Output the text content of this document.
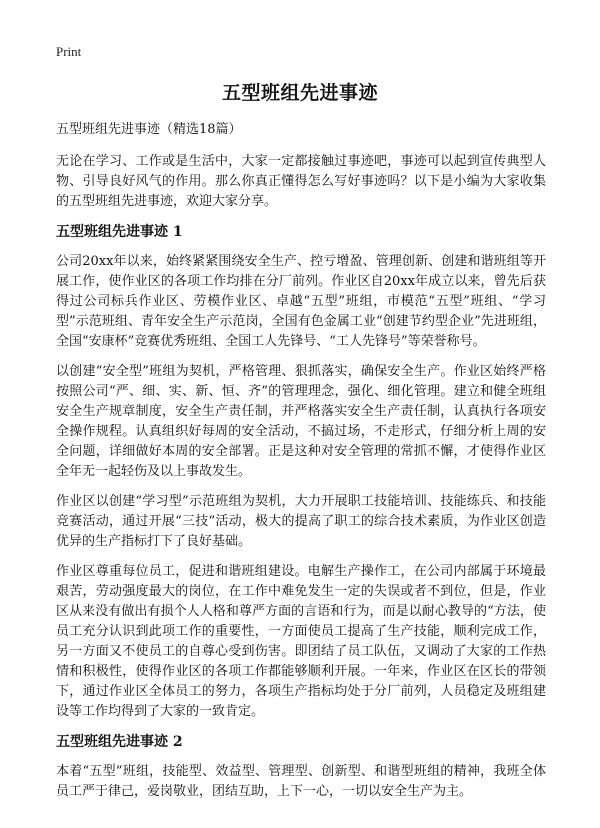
Print
五型班组先进事迹
五型班组先进事迹（精选18篇）

无论在学习、工作或是生活中，大家一定都接触过事迹吧，事迹可以起到宣传典型人物、引导良好风气的作用。那么你真正懂得怎么写好事迹吗？以下是小编为大家收集的五型班组先进事迹，欢迎大家分享。

五型班组先进事迹 1

公司20xx年以来，始终紧紧围绕安全生产、控亏增盈、管理创新、创建和谐班组等开展工作，使作业区的各项工作均排在分厂前列。作业区自20xx年成立以来，曾先后获得过公司标兵作业区、劳模作业区、卓越“五型”班组，市模范“五型”班组、“学习型”示范班组、青年安全生产示范岗，全国有色金属工业“创建节约型企业”先进班组，全国“安康杯”竞赛优秀班组、全国工人先锋号、“工人先锋号”等荣誉称号。

以创建“安全型”班组为契机，严格管理、狠抓落实，确保安全生产。作业区始终严格按照公司“严、细、实、新、恒、齐”的管理理念，强化、细化管理。建立和健全班组安全生产规章制度，安全生产责任制，并严格落实安全生产责任制，认真执行各项安全操作规程。认真组织好每周的安全活动，不搞过场，不走形式，仔细分析上周的安全问题，详细做好本周的安全部署。正是这种对安全管理的常抓不懈，才使得作业区全年无一起轻伤及以上事故发生。

作业区以创建“学习型”示范班组为契机，大力开展职工技能培训、技能练兵、和技能竞赛活动，通过开展“三技”活动，极大的提高了职工的综合技术素质，为作业区创造优异的生产指标打下了良好基础。

作业区尊重每位员工，促进和谐班组建设。电解生产操作工，在公司内部属于环境最艰苦，劳动强度最大的岗位，在工作中难免发生一定的失误或者不到位，但是，作业区从来没有做出有损个人人格和尊严方面的言语和行为，而是以耐心教导的“方法，使员工充分认识到此项工作的重要性，一方面使员工提高了生产技能，顺利完成工作，另一方面又不使员工的自尊心受到伤害。即团结了员工队伍，又调动了大家的工作热情和积极性，使得作业区的各项工作都能够顺利开展。一年来，作业区在区长的带领下，通过作业区全体员工的努力，各项生产指标均处于分厂前列，人员稳定及班组建设等工作均得到了大家的一致肯定。

五型班组先进事迹 2

本着“五型”班组，技能型、效益型、管理型、创新型、和谐型班组的精神，我班全体员工严于律己，爱岗敬业，团结互助，上下一心，一切以安全生产为主。
